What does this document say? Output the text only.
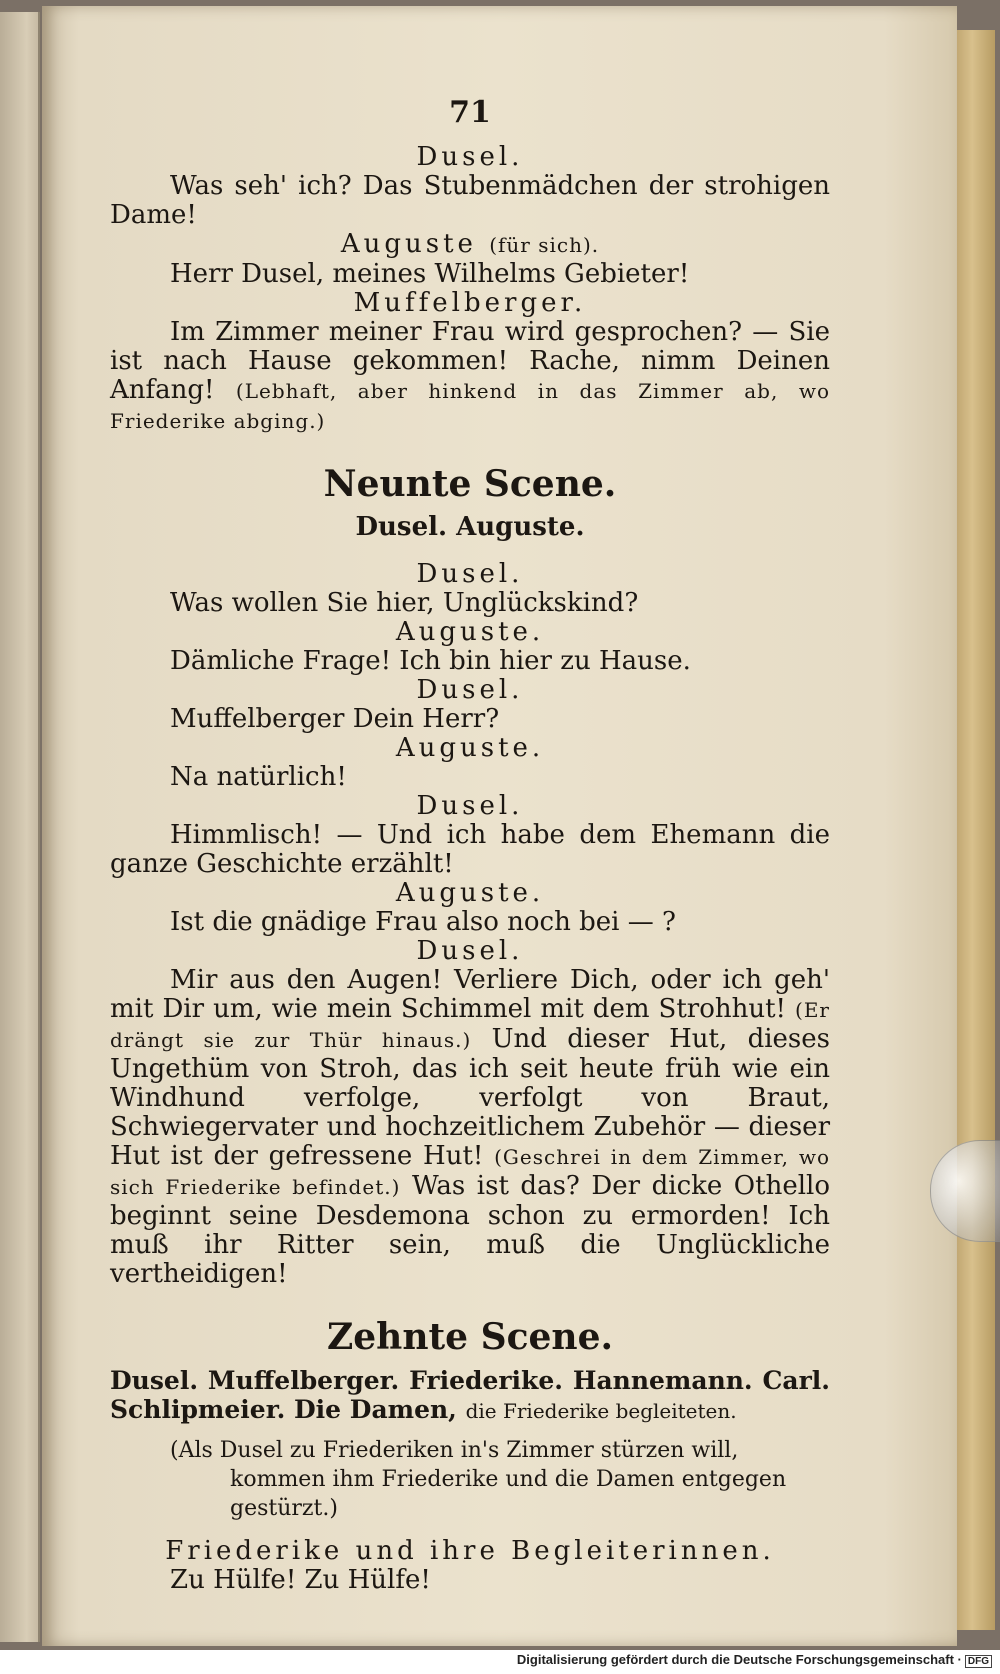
71
Dusel.
Was seh' ich? Das Stubenmädchen der strohigen Dame!
Auguste (für sich).
Herr Dusel, meines Wilhelms Gebieter!
Muffelberger.
Im Zimmer meiner Frau wird gesprochen? — Sie ist nach Hause gekommen! Rache, nimm Deinen Anfang! (Lebhaft, aber hinkend in das Zimmer ab, wo Friederike abging.)
Neunte Scene.
Dusel. Auguste.
Dusel.
Was wollen Sie hier, Unglückskind?
Auguste.
Dämliche Frage! Ich bin hier zu Hause.
Dusel.
Muffelberger Dein Herr?
Auguste.
Na natürlich!
Dusel.
Himmlisch! — Und ich habe dem Ehemann die ganze Geschichte erzählt!
Auguste.
Ist die gnädige Frau also noch bei — ?
Dusel.
Mir aus den Augen! Verliere Dich, oder ich geh' mit Dir um, wie mein Schimmel mit dem Strohhut! (Er drängt sie zur Thür hinaus.) Und dieser Hut, dieses Ungethüm von Stroh, das ich seit heute früh wie ein Windhund verfolge, verfolgt von Braut, Schwiegervater und hochzeitlichem Zubehör — dieser Hut ist der gefressene Hut! (Geschrei in dem Zimmer, wo sich Friederike befindet.) Was ist das? Der dicke Othello beginnt seine Desdemona schon zu ermorden! Ich muß ihr Ritter sein, muß die Unglückliche vertheidigen!
Zehnte Scene.
Dusel. Muffelberger. Friederike. Hannemann. Carl. Schlipmeier. Die Damen, die Friederike begleiteten.
(Als Dusel zu Friederiken in's Zimmer stürzen will, kommen ihm Friederike und die Damen entgegen gestürzt.)
Friederike und ihre Begleiterinnen.
Zu Hülfe! Zu Hülfe!
Digitalisierung gefördert durch die Deutsche Forschungsgemeinschaft · DFG
